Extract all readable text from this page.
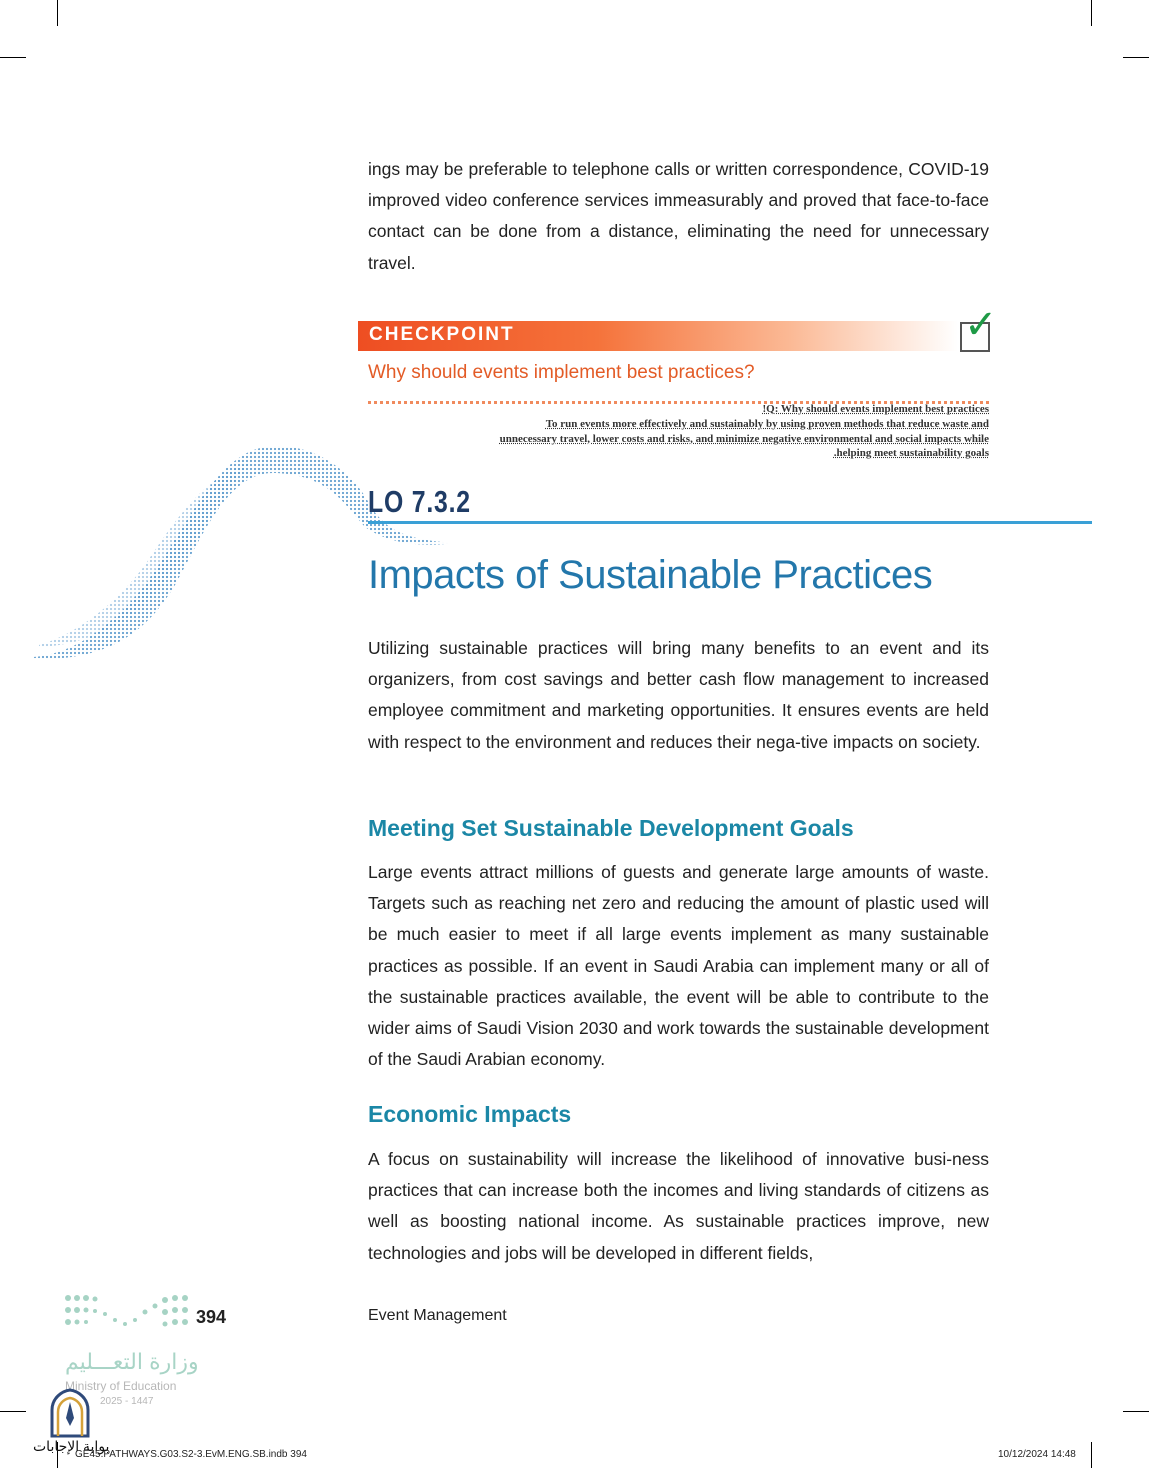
ings may be preferable to telephone calls or written correspondence, COVID-19 improved video conference services immeasurably and proved that face-to-face contact can be done from a distance, eliminating the need for unnecessary travel.
CHECKPOINT	✓
Why should events implement best practices?
!Q: Why should events implement best practices
To run events more effectively and sustainably by using proven methods that reduce waste and
unnecessary travel, lower costs and risks, and minimize negative environmental and social impacts while
.helping meet sustainability goals
LO 7.3.2
Impacts of Sustainable Practices
Utilizing sustainable practices will bring many benefits to an event and its organizers, from cost savings and better cash flow management to increased employee commitment and marketing opportunities. It ensures events are held with respect to the environment and reduces their nega-tive impacts on society.
Meeting Set Sustainable Development Goals
Large events attract millions of guests and generate large amounts of waste. Targets such as reaching net zero and reducing the amount of plastic used will be much easier to meet if all large events implement as many sustainable practices as possible. If an event in Saudi Arabia can implement many or all of the sustainable practices available, the event will be able to contribute to the wider aims of Saudi Vision 2030 and work towards the sustainable development of the Saudi Arabian economy.
Economic Impacts
A focus on sustainability will increase the likelihood of innovative busi-ness practices that can increase both the incomes and living standards of citizens as well as boosting national income. As sustainable practices improve, new technologies and jobs will be developed in different fields,
394	Event Management
وزارة التعـــليم
Ministry of Education
2025 - 1447
بوابة الإجابات
GE45.PATHWAYS.G03.S2-3.EvM.ENG.SB.indb 394	10/12/2024 14:48
